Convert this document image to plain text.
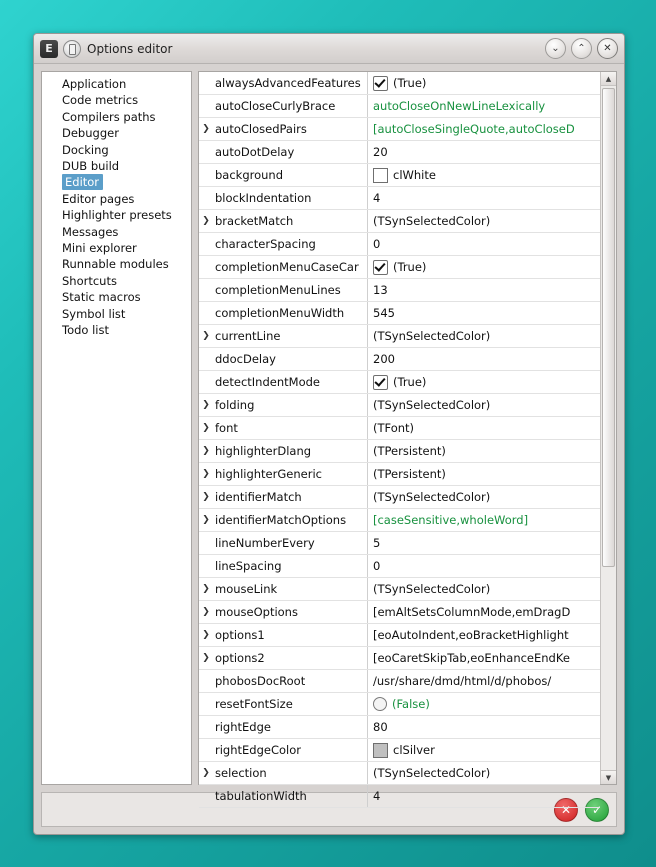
E	Options editor	⌄	⌃	✕
Application
Code metrics
Compilers paths
Debugger
Docking
DUB build
Editor
Editor pages
Highlighter presets
Messages
Mini explorer
Runnable modules
Shortcuts
Static macros
Symbol list
Todo list
alwaysAdvancedFeatures	(True)
autoCloseCurlyBrace	autoCloseOnNewLineLexically
❯ autoClosedPairs	[autoCloseSingleQuote,autoCloseD
autoDotDelay	20
background	clWhite
blockIndentation	4
❯ bracketMatch	(TSynSelectedColor)
characterSpacing	0
completionMenuCaseCar	(True)
completionMenuLines	13
completionMenuWidth	545
❯ currentLine	(TSynSelectedColor)
ddocDelay	200
detectIndentMode	(True)
❯ folding	(TSynSelectedColor)
❯ font	(TFont)
❯ highlighterDlang	(TPersistent)
❯ highlighterGeneric	(TPersistent)
❯ identifierMatch	(TSynSelectedColor)
❯ identifierMatchOptions	[caseSensitive,wholeWord]
lineNumberEvery	5
lineSpacing	0
❯ mouseLink	(TSynSelectedColor)
❯ mouseOptions	[emAltSetsColumnMode,emDragD
❯ options1	[eoAutoIndent,eoBracketHighlight
❯ options2	[eoCaretSkipTab,eoEnhanceEndKe
phobosDocRoot	/usr/share/dmd/html/d/phobos/
resetFontSize	(False)
rightEdge	80
rightEdgeColor	clSilver
❯ selection	(TSynSelectedColor)
tabulationWidth	4
▲
▼
✕	✓
